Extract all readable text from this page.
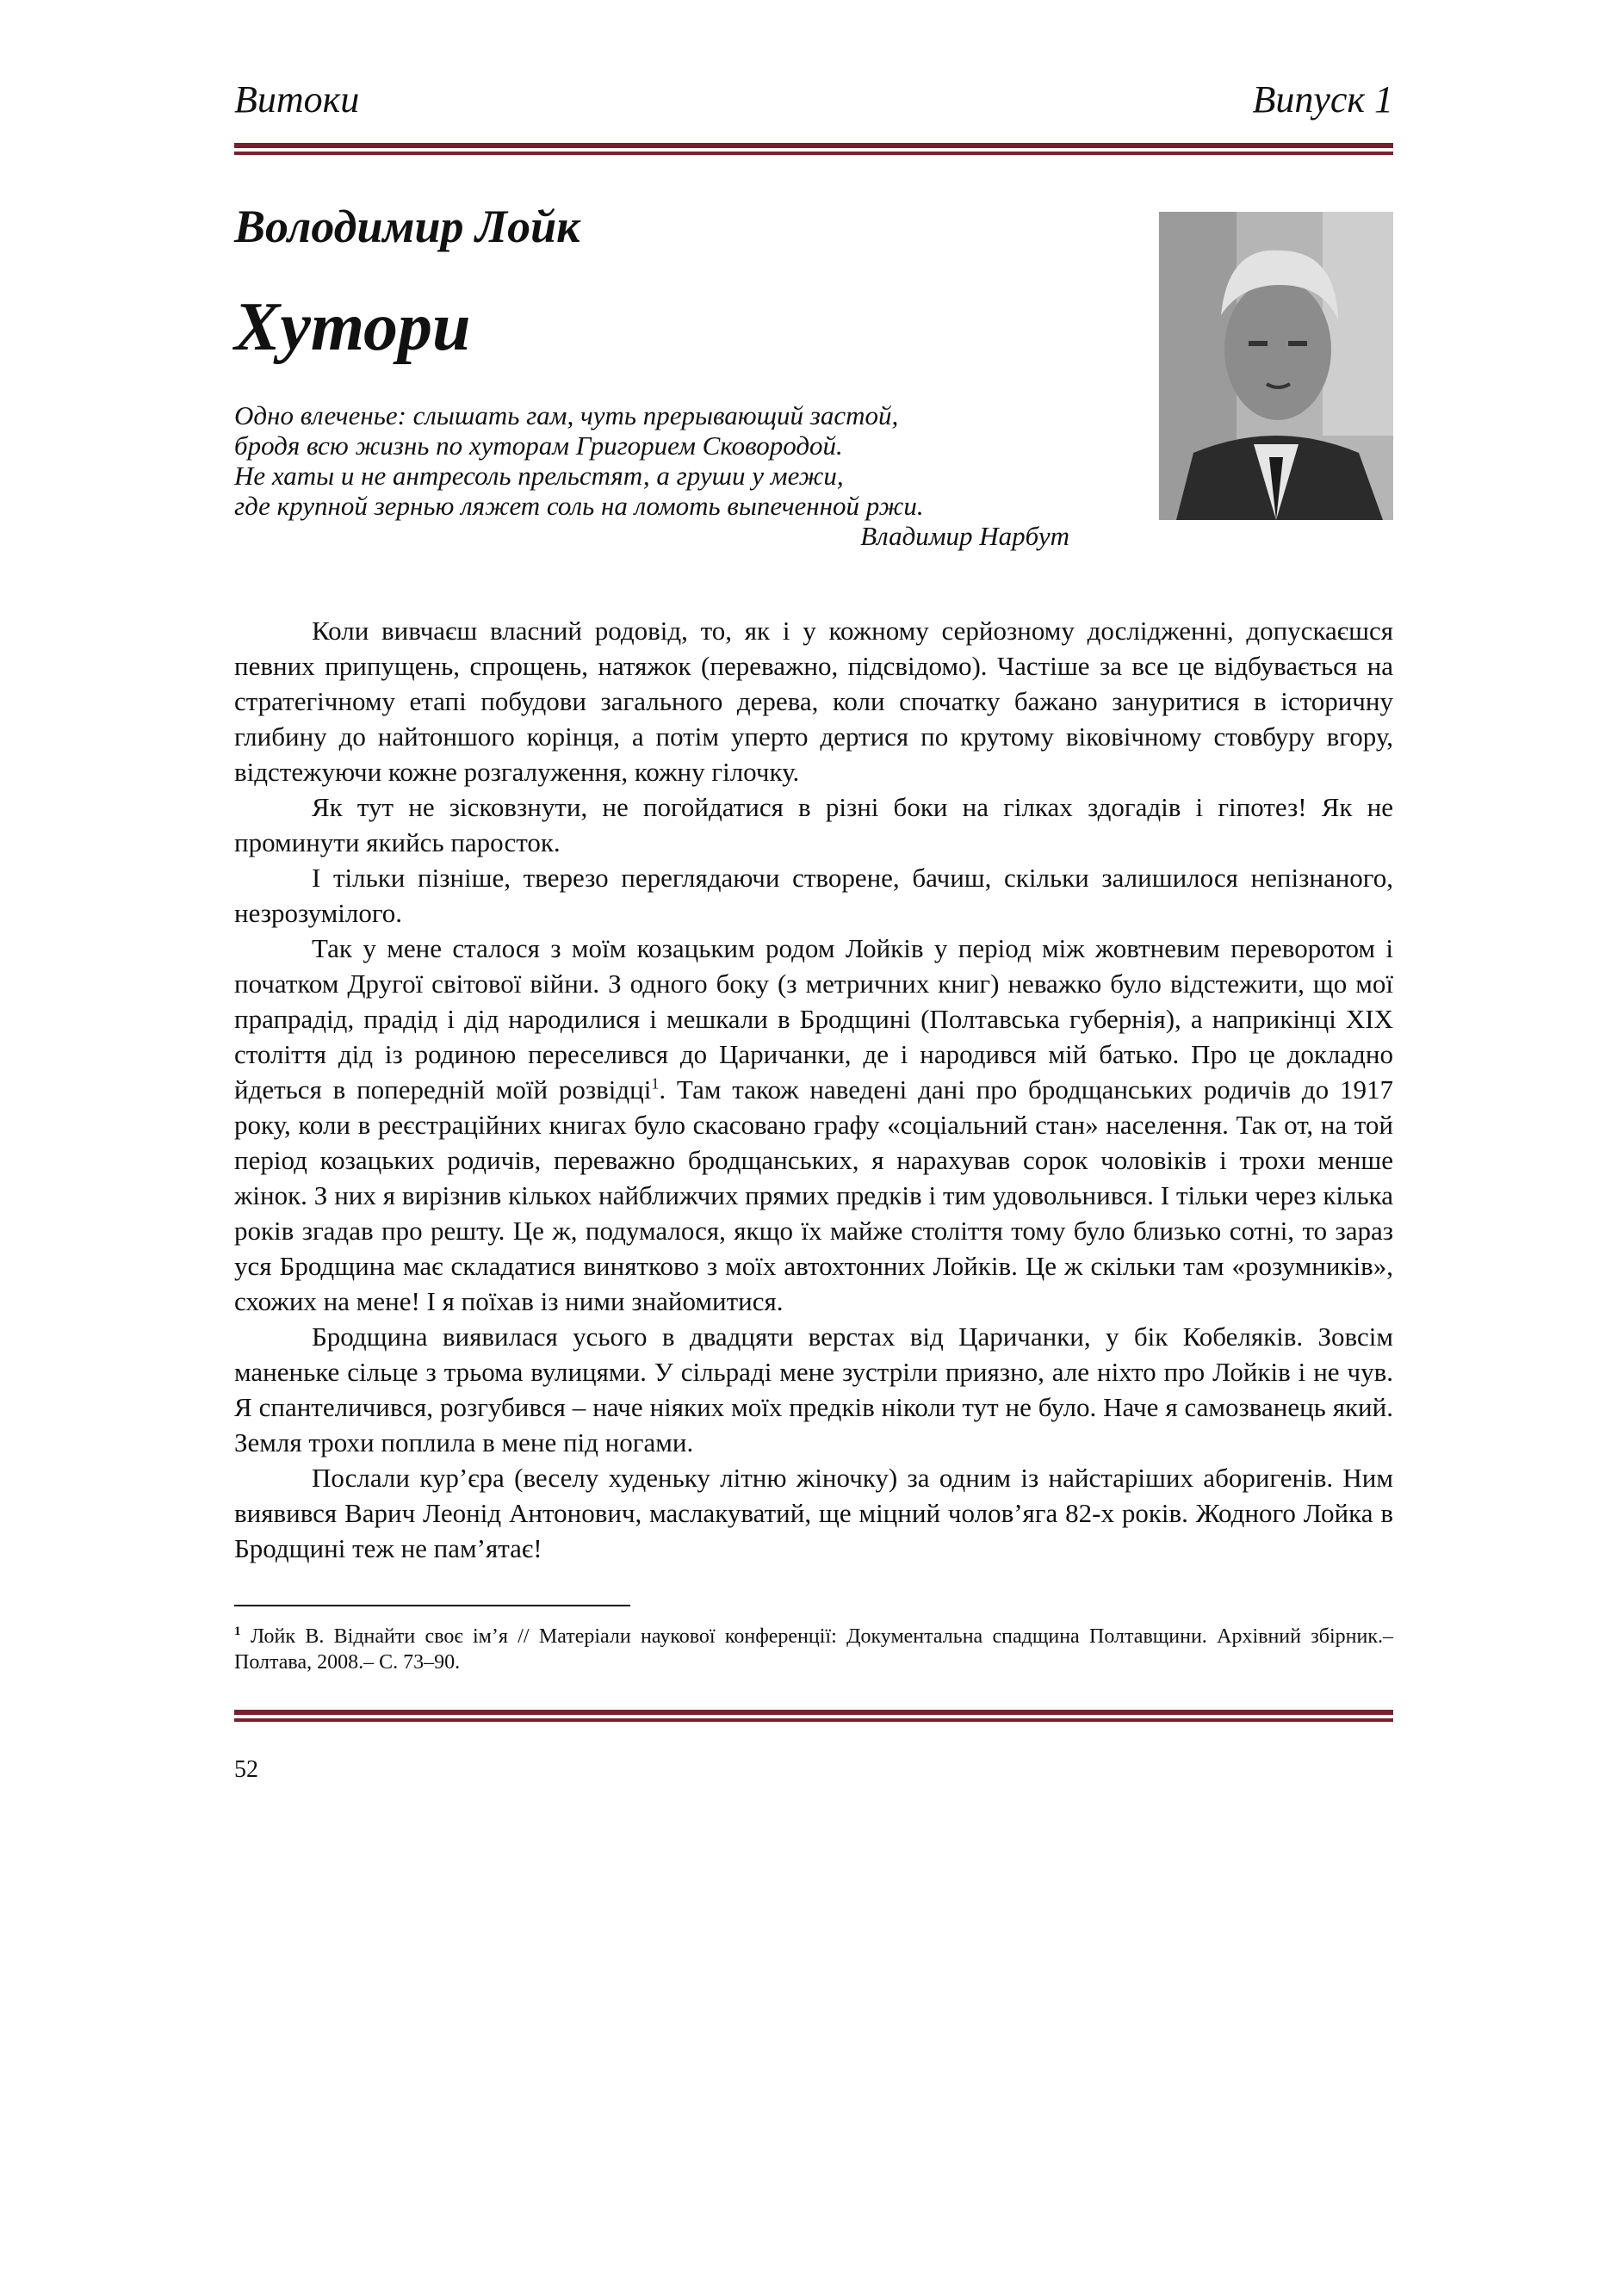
Витоки	Випуск 1
Володимир Лойк
Хутори
Одно влеченье: слышать гам, чуть прерывающий застой,
бродя всю жизнь по хуторам Григорием Сковородой.
Не хаты и не антресоль прельстят, а груши у межи,
где крупной зернью ляжет соль на ломоть выпеченной ржи.
Владимир Нарбут

Коли вивчаєш власний родовід, то, як і у кожному серйозному дослідженні, допускаєшся певних припущень, спрощень, натяжок (переважно, підсвідомо). Частіше за все це відбувається на стратегічному етапі побудови загального дерева, коли спочатку бажано зануритися в історичну глибину до найтоншого корінця, а потім уперто дертися по крутому віковічному стовбуру вгору, відстежуючи кожне розгалуження, кожну гілочку.

Як тут не зісковзнути, не погойдатися в різні боки на гілках здогадів і гіпотез! Як не проминути якийсь паросток.

І тільки пізніше, тверезо переглядаючи створене, бачиш, скільки залишилося непізнаного, незрозумілого.

Так у мене сталося з моїм козацьким родом Лойків у період між жовтневим переворотом і початком Другої світової війни. З одного боку (з метричних книг) неважко було відстежити, що мої прапрадід, прадід і дід народилися і мешкали в Бродщині (Полтавська губернія), а наприкінці XIX століття дід із родиною переселився до Царичанки, де і народився мій батько. Про це докладно йдеться в попередній моїй розвідці$^1$. Там також наведені дані про бродщанських родичів до 1917 року, коли в реєстраційних книгах було скасовано графу «соціальний стан» населення. Так от, на той період козацьких родичів, переважно бродщанських, я нарахував сорок чоловіків і трохи менше жінок. З них я вирізнив кількох найближчих прямих предків і тим удовольнився. І тільки через кілька років згадав про решту. Це ж, подумалося, якщо їх майже століття тому було близько сотні, то зараз уся Бродщина має складатися винятково з моїх автохтонних Лойків. Це ж скільки там «розумників», схожих на мене! І я поїхав із ними знайомитися.

Бродщина виявилася усього в двадцяти верстах від Царичанки, у бік Кобеляків. Зовсім маненьке сільце з трьома вулицями. У сільраді мене зустріли приязно, але ніхто про Лойків і не чув. Я спантеличився, розгубився – наче ніяких моїх предків ніколи тут не було. Наче я самозванець який. Земля трохи поплила в мене під ногами.

Послали кур’єра (веселу худеньку літню жіночку) за одним із найстаріших аборигенів. Ним виявився Варич Леонід Антонович, маслакуватий, ще міцний чолов’яга 82-х років. Жодного Лойка в Бродщині теж не пам’ятає!

$^1$ Лойк В. Віднайти своє ім’я // Матеріали наукової конференції: Документальна спадщина Полтавщини. Архівний збірник.– Полтава, 2008.– С. 73–90.
52
